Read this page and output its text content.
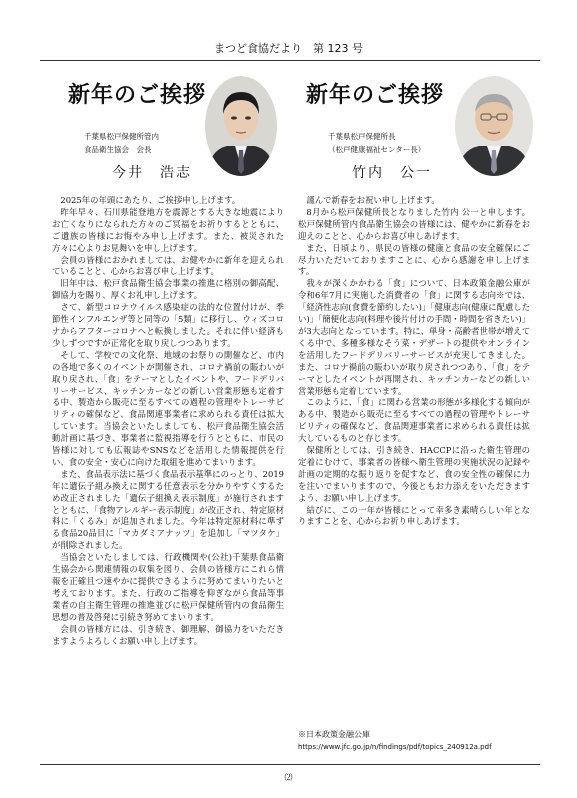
まつど食協だより　第 123 号
新年のご挨拶
千葉県松戸保健所管内
食品衛生協会　会長
今井　浩志

2025年の年頭にあたり、ご挨拶申し上げます。

昨年早々、石川県能登地方を震源とする大きな地震によりお亡くなりになられた方々のご冥福をお祈りするとともに、ご遺族の皆様にお悔やみ申し上げます。また、被災された方々に心よりお見舞いを申し上げます。

会員の皆様におかれましては、お健やかに新年を迎えられていることと、心からお喜び申し上げます。

旧年中は、松戸食品衛生協会事業の推進に格別の御高配、御協力を賜り、厚くお礼申し上げます。

さて、新型コロナウイルス感染症の法的な位置付けが、季節性インフルエンザ等と同等の「5類」に移行し、ウィズコロナからアフターコロナへと転換しました。それに伴い経済も少しずつですが正常化を取り戻しつつあります。

そして、学校での文化祭、地域のお祭りの開催など、市内の各地で多くのイベントが開催され、コロナ禍前の賑わいが取り戻され、「食」をテーマとしたイベントや、フードデリバリーサービス、キッチンカーなどの新しい営業形態も定着する中、製造から販売に至るすべての過程の管理やトレーサビリティの確保など、食品関連事業者に求められる責任は拡大しています。当協会といたしましても、松戸食品衛生協会活動計画に基づき、事業者に監視指導を行うとともに、市民の皆様に対しても広報誌やSNSなどを活用した情報提供を行い、食の安全・安心に向けた取組を進めてまいります。

また、食品表示法に基づく食品表示基準にのっとり、2019年に遺伝子組み換えに関する任意表示を分かりやすくするため改正されました「遺伝子組換え表示制度」が施行されますとともに、「食物アレルギー表示制度」が改正され、特定原材料に「くるみ」が追加されました。今年は特定原材料に準ずる食品20品目に「マカダミアナッツ」を追加し「マツタケ」が削除されました。

当協会といたしましては、行政機関や(公社)千葉県食品衛生協会から関連情報の収集を図り、会員の皆様方にこれら情報を正確且つ速やかに提供できるように努めてまいりたいと考えております。また、行政のご指導を仰ぎながら食品等事業者の自主衛生管理の推進並びに松戸保健所管内の食品衛生思想の普及啓発に引続き努めてまいります。

会員の皆様方には、引き続き、御理解、御協力をいただきますようよろしくお願い申し上げます。

新年のご挨拶
千葉県松戸保健所長
（松戸健康福祉センター長）
竹内　公一

謹んで新春をお祝い申し上げます。

8月から松戸保健所長となりました竹内 公一と申します。松戸保健所管内食品衛生協会の皆様には、健やかに新春をお迎えのことと、心からお喜び申しあげます。

また、日頃より、県民の皆様の健康と食品の安全確保にご尽力いただいておりますことに、心から感謝を申し上げます。

我々が深くかかわる「食」について、日本政策金融公庫が令和6年7月に実施した消費者の「食」に関する志向※では、「経済性志向(食費を節約したい)」「健康志向(健康に配慮したい)」「簡便化志向(料理や後片付けの手間・時間を省きたい)」が3大志向となっています。特に、単身・高齢者世帯が増えてくる中で、多種多様なそう菜・デザートの提供やオンラインを活用したフードデリバリーサービスが充実してきました。また、コロナ禍前の賑わいが取り戻されつつあり、「食」をテーマとしたイベントが再開され、キッチンカーなどの新しい営業形態も定着しています。

このように、「食」に関わる営業の形態が多様化する傾向がある中、製造から販売に至るすべての過程の管理やトレーサビリティの確保など、食品関連事業者に求められる責任は拡大しているものと存じます。

保健所としては、引き続き、HACCPに沿った衛生管理の定着にむけて、事業者の皆様へ衛生管理の実施状況の記録や計画の定期的な振り返りを促すなど、食の安全性の確保に力を注いでまいりますので、今後ともお力添えをいただきますよう、お願い申し上げます。

結びに、この一年が皆様にとって幸多き素晴らしい年となりますことを、心からお祈り申しあげます。

※日本政策金融公庫
https://www.jfc.go.jp/n/findings/pdf/topics_240912a.pdf
⑵
